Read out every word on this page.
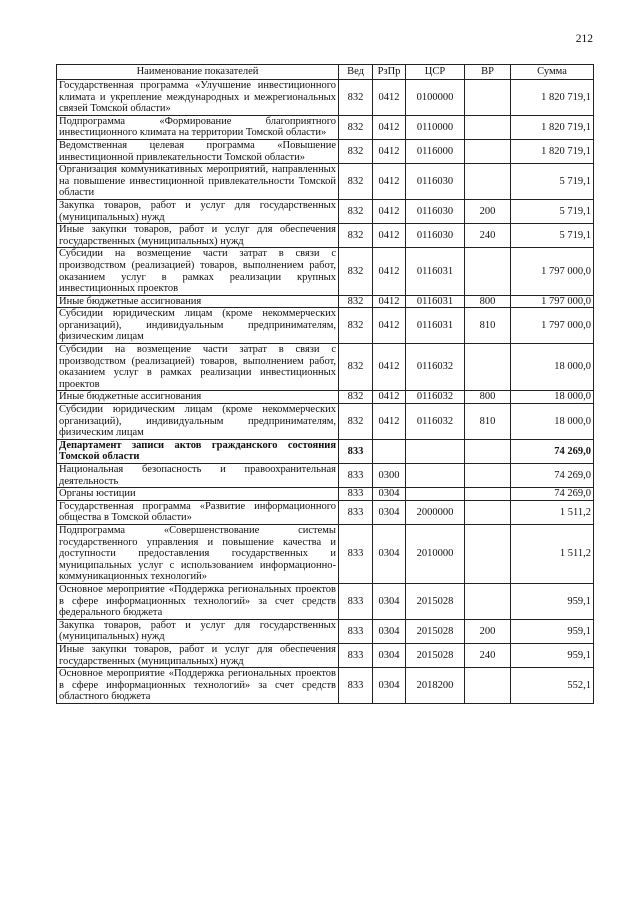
212
Наименование показателей	Вед	РзПр	ЦСР	ВР	Сумма
Государственная программа «Улучшение инвестиционного климата и укрепление международных и межрегиональных связей Томской области»	832	0412	0100000		1 820 719,1
Подпрограмма «Формирование благоприятного инвестиционного климата на территории Томской области»	832	0412	0110000		1 820 719,1
Ведомственная целевая программа «Повышение инвестиционной привлекательности Томской области»	832	0412	0116000		1 820 719,1
Организация коммуникативных мероприятий, направленных на повышение инвестиционной привлекательности Томской области	832	0412	0116030		5 719,1
Закупка товаров, работ и услуг для государственных (муниципальных) нужд	832	0412	0116030	200	5 719,1
Иные закупки товаров, работ и услуг для обеспечения государственных (муниципальных) нужд	832	0412	0116030	240	5 719,1
Субсидии на возмещение части затрат в связи с производством (реализацией) товаров, выполнением работ, оказанием услуг в рамках реализации крупных инвестиционных проектов	832	0412	0116031		1 797 000,0
Иные бюджетные ассигнования	832	0412	0116031	800	1 797 000,0
Субсидии юридическим лицам (кроме некоммерческих организаций), индивидуальным предпринимателям, физическим лицам	832	0412	0116031	810	1 797 000,0
Субсидии на возмещение части затрат в связи с производством (реализацией) товаров, выполнением работ, оказанием услуг в рамках реализации инвестиционных проектов	832	0412	0116032		18 000,0
Иные бюджетные ассигнования	832	0412	0116032	800	18 000,0
Субсидии юридическим лицам (кроме некоммерческих организаций), индивидуальным предпринимателям, физическим лицам	832	0412	0116032	810	18 000,0
Департамент записи актов гражданского состояния Томской области	833				74 269,0
Национальная безопасность и правоохранительная деятельность	833	0300			74 269,0
Органы юстиции	833	0304			74 269,0
Государственная программа «Развитие информационного общества в Томской области»	833	0304	2000000		1 511,2
Подпрограмма «Совершенствование системы государственного управления и повышение качества и доступности предоставления государственных и муниципальных услуг с использованием информационно-коммуникационных технологий»	833	0304	2010000		1 511,2
Основное мероприятие «Поддержка региональных проектов в сфере информационных технологий» за счет средств федерального бюджета	833	0304	2015028		959,1
Закупка товаров, работ и услуг для государственных (муниципальных) нужд	833	0304	2015028	200	959,1
Иные закупки товаров, работ и услуг для обеспечения государственных (муниципальных) нужд	833	0304	2015028	240	959,1
Основное мероприятие «Поддержка региональных проектов в сфере информационных технологий» за счет средств областного бюджета	833	0304	2018200		552,1
